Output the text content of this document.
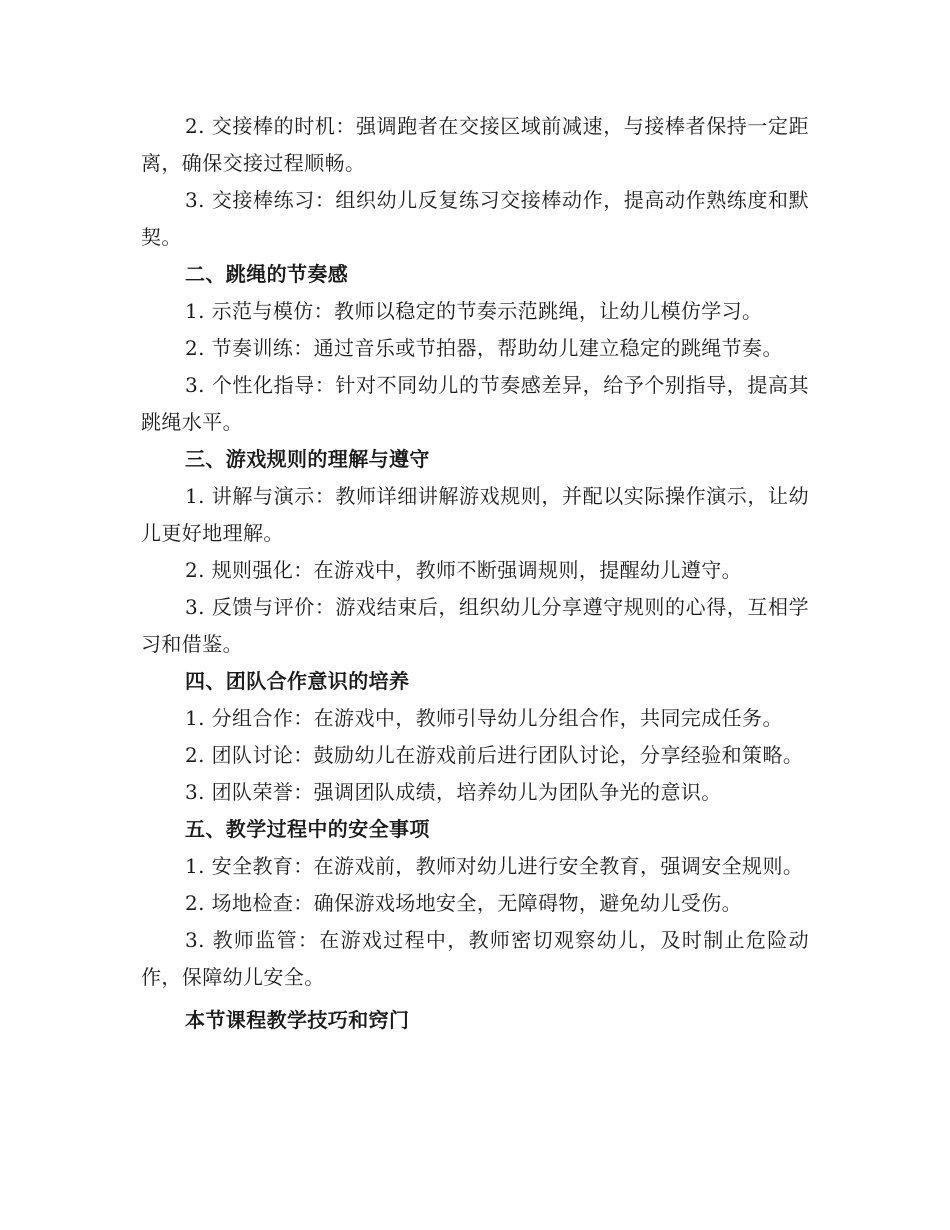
2. 交接棒的时机：强调跑者在交接区域前减速，与接棒者保持一定距离，确保交接过程顺畅。

3. 交接棒练习：组织幼儿反复练习交接棒动作，提高动作熟练度和默契。

二、跳绳的节奏感

1. 示范与模仿：教师以稳定的节奏示范跳绳，让幼儿模仿学习。

2. 节奏训练：通过音乐或节拍器，帮助幼儿建立稳定的跳绳节奏。

3. 个性化指导：针对不同幼儿的节奏感差异，给予个别指导，提高其跳绳水平。

三、游戏规则的理解与遵守

1. 讲解与演示：教师详细讲解游戏规则，并配以实际操作演示，让幼儿更好地理解。

2. 规则强化：在游戏中，教师不断强调规则，提醒幼儿遵守。

3. 反馈与评价：游戏结束后，组织幼儿分享遵守规则的心得，互相学习和借鉴。

四、团队合作意识的培养

1. 分组合作：在游戏中，教师引导幼儿分组合作，共同完成任务。

2. 团队讨论：鼓励幼儿在游戏前后进行团队讨论，分享经验和策略。

3. 团队荣誉：强调团队成绩，培养幼儿为团队争光的意识。

五、教学过程中的安全事项

1. 安全教育：在游戏前，教师对幼儿进行安全教育，强调安全规则。

2. 场地检查：确保游戏场地安全，无障碍物，避免幼儿受伤。

3. 教师监管：在游戏过程中，教师密切观察幼儿，及时制止危险动作，保障幼儿安全。

本节课程教学技巧和窍门
